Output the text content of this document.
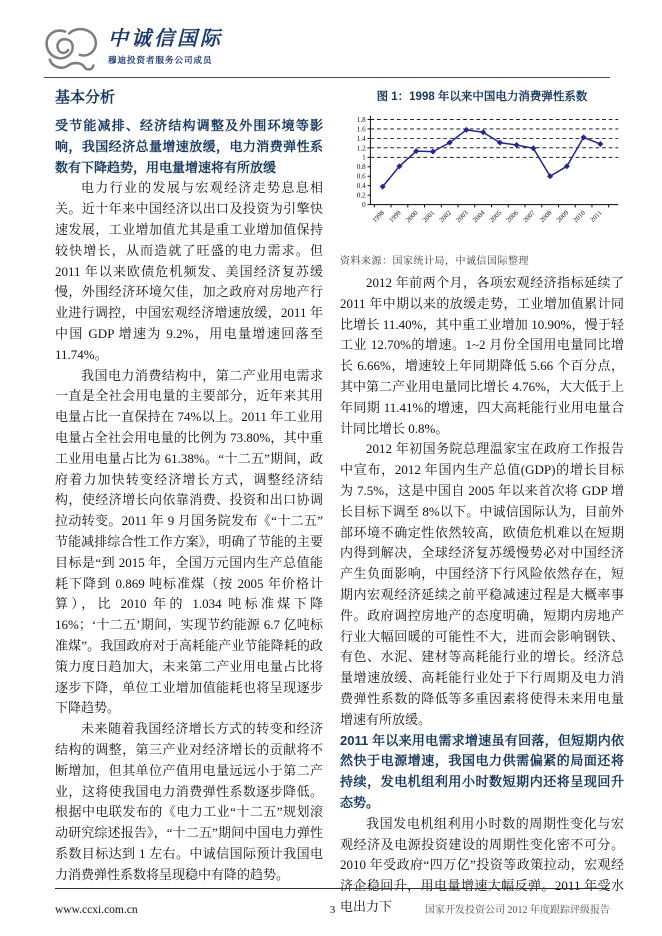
中诚信国际
穆迪投资者服务公司成员
基本分析

受节能减排、经济结构调整及外围环境等影响，我国经济总量增速放缓，电力消费弹性系数有下降趋势，用电量增速将有所放缓

电力行业的发展与宏观经济走势息息相关。近十年来中国经济以出口及投资为引擎快速发展，工业增加值尤其是重工业增加值保持较快增长，从而造就了旺盛的电力需求。但 2011 年以来欧债危机频发、美国经济复苏缓慢，外围经济环境欠佳，加之政府对房地产行业进行调控，中国宏观经济增速放缓，2011 年中国 GDP 增速为 9.2%，用电量增速回落至 11.74%。

我国电力消费结构中，第二产业用电需求一直是全社会用电量的主要部分，近年来其用电量占比一直保持在 74%以上。2011 年工业用电量占全社会用电量的比例为 73.80%，其中重工业用电量占比为 61.38%。“十二五”期间，政府着力加快转变经济增长方式，调整经济结构，使经济增长向依靠消费、投资和出口协调拉动转变。2011 年 9 月国务院发布《“十二五”节能减排综合性工作方案》，明确了节能的主要目标是“到 2015 年，全国万元国内生产总值能耗下降到 0.869 吨标准煤（按 2005 年价格计算），比 2010 年的 1.034 吨标准煤下降 16%；‘十二五’期间，实现节约能源 6.7 亿吨标准煤”。我国政府对于高耗能产业节能降耗的政策力度日趋加大，未来第二产业用电量占比将逐步下降，单位工业增加值能耗也将呈现逐步下降趋势。

未来随着我国经济增长方式的转变和经济结构的调整，第三产业对经济增长的贡献将不断增加，但其单位产值用电量远远小于第二产业，这将使我国电力消费弹性系数逐步降低。根据中电联发布的《电力工业“十二五”规划滚动研究综述报告》，“十二五”期间中国电力弹性系数目标达到 1 左右。中诚信国际预计我国电力消费弹性系数将呈现稳中有降的趋势。

图 1：1998 年以来中国电力消费弹性系数
0
0.2
0.4
0.6
0.8
1
1.2
1.4
1.6
1.8
1998 1999 2000 2001 2002 2003 2004 2005 2006 2007 2008 2009 2010 2011
资料来源：国家统计局，中诚信国际整理

2012 年前两个月，各项宏观经济指标延续了 2011 年中期以来的放缓走势，工业增加值累计同比增长 11.40%，其中重工业增加 10.90%，慢于轻工业 12.70%的增速。1~2 月份全国用电量同比增长 6.66%，增速较上年同期降低 5.66 个百分点，其中第二产业用电量同比增长 4.76%，大大低于上年同期 11.41%的增速，四大高耗能行业用电量合计同比增长 0.8%。

2012 年初国务院总理温家宝在政府工作报告中宣布，2012 年国内生产总值(GDP)的增长目标为 7.5%，这是中国自 2005 年以来首次将 GDP 增长目标下调至 8%以下。中诚信国际认为，目前外部环境不确定性依然较高，欧债危机难以在短期内得到解决，全球经济复苏缓慢势必对中国经济产生负面影响，中国经济下行风险依然存在，短期内宏观经济延续之前平稳减速过程是大概率事件。政府调控房地产的态度明确，短期内房地产行业大幅回暖的可能性不大，进而会影响钢铁、有色、水泥、建材等高耗能行业的增长。经济总量增速放缓、高耗能行业处于下行周期及电力消费弹性系数的降低等多重因素将使得未来用电量增速有所放缓。

2011 年以来用电需求增速虽有回落，但短期内依然快于电源增速，我国电力供需偏紧的局面还将持续，发电机组利用小时数短期内还将呈现回升态势。

我国发电机组利用小时数的周期性变化与宏观经济及电源投资建设的周期性变化密不可分。2010 年受政府“四万亿”投资等政策拉动，宏观经济企稳回升，用电量增速大幅反弹。2011 年受水电出力下

www.ccxi.com.cn	3	国家开发投资公司 2012 年度跟踪评级报告
